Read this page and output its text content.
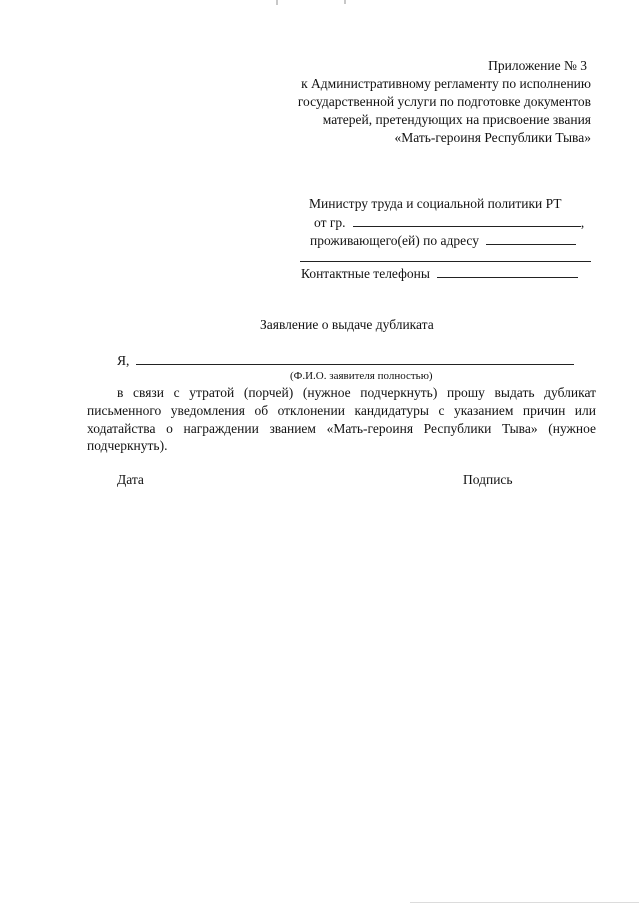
Приложение № 3
к Административному регламенту по исполнению
государственной услуги по подготовке документов
матерей, претендующих на присвоение звания
«Мать-героиня Республики Тыва»
Министру труда и социальной политики РТ
от гр.	,
проживающего(ей) по адресу
Контактные телефоны
Заявление о выдаче дубликата
Я,
(Ф.И.О. заявителя полностью)
в связи с утратой (порчей) (нужное подчеркнуть) прошу выдать дубликат
письменного уведомления об отклонении кандидатуры с указанием причин или
ходатайства о награждении званием «Мать-героиня Республики Тыва» (нужное
подчеркнуть).
Дата	Подпись
